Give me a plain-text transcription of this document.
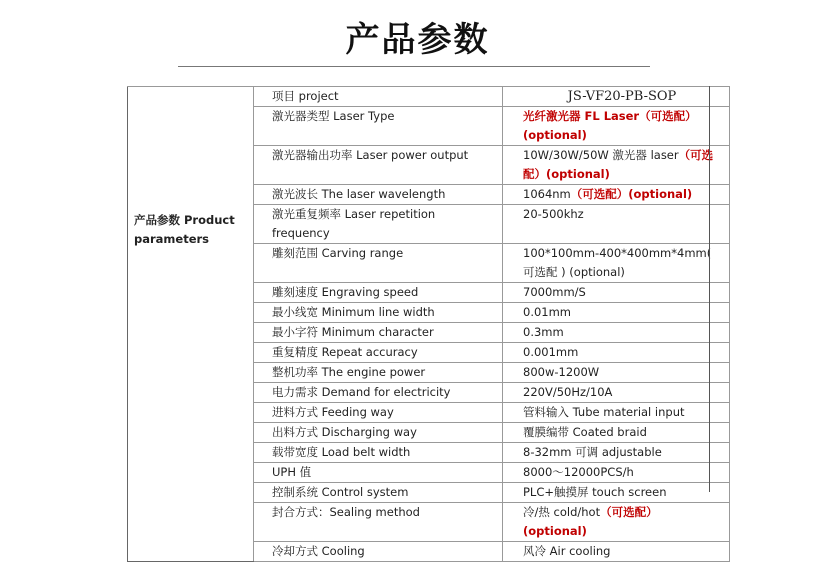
产品参数
产品参数 Product parameters	项目 project	JS-VF20-PB-SOP
	激光器类型 Laser Type	光纤激光器 FL Laser（可选配）(optional)
	激光器输出功率 Laser power output	10W/30W/50W 激光器 laser（可选配）(optional)
	激光波长 The laser wavelength	1064nm（可选配）(optional)
	激光重复频率 Laser repetition frequency	20-500khz
	雕刻范围 Carving range	100*100mm-400*400mm*4mm( 可选配 ) (optional)
	雕刻速度 Engraving speed	7000mm/S
	最小线宽 Minimum line width	0.01mm
	最小字符 Minimum character	0.3mm
	重复精度 Repeat accuracy	0.001mm
	整机功率 The engine power	800w-1200W
	电力需求 Demand for electricity	220V/50Hz/10A
	进料方式 Feeding way	管料输入 Tube material input
	出料方式 Discharging way	覆膜编带 Coated braid
	载带宽度 Load belt width	8-32mm 可调 adjustable
	UPH 值	8000～12000PCS/h
	控制系统 Control system	PLC+触摸屏 touch screen
	封合方式：Sealing method	冷/热 cold/hot（可选配）(optional)
	冷却方式 Cooling	风冷 Air cooling
